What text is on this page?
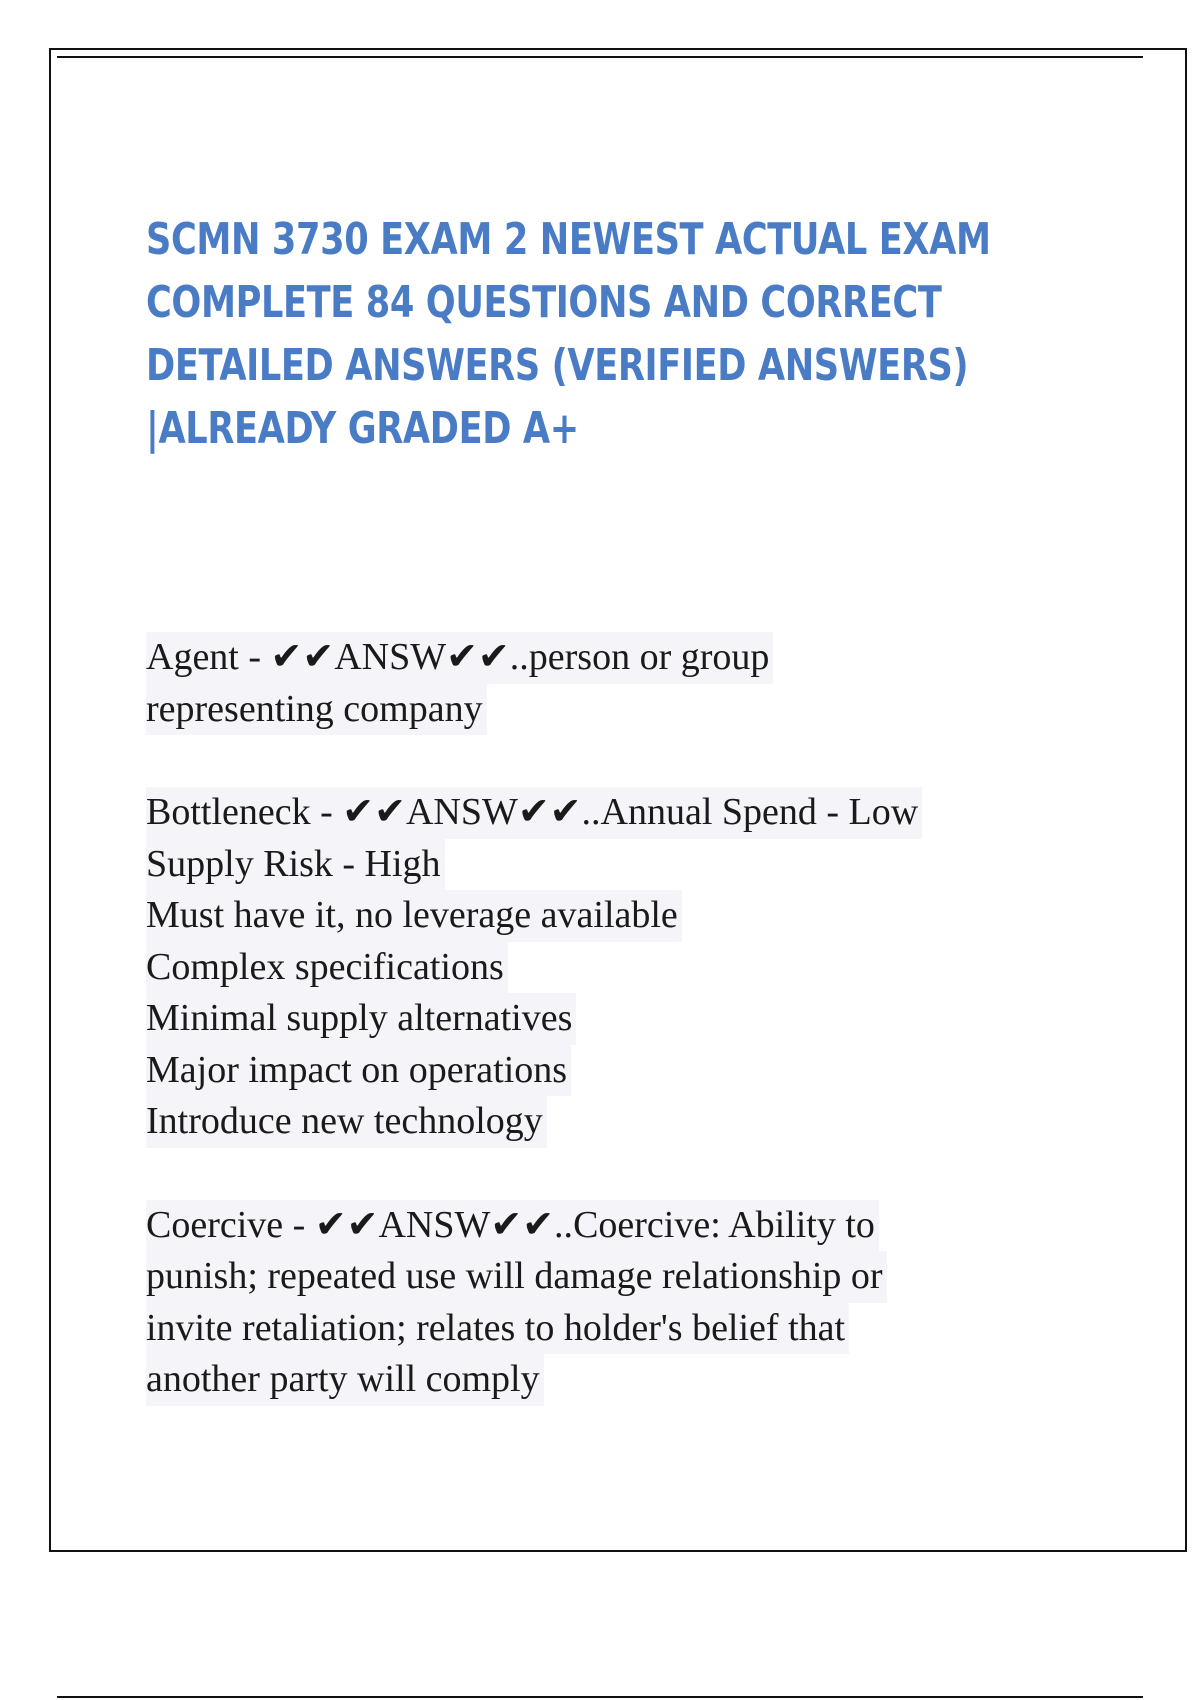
SCMN 3730 EXAM 2 NEWEST ACTUAL EXAM COMPLETE 84 QUESTIONS AND CORRECT DETAILED ANSWERS (VERIFIED ANSWERS) |ALREADY GRADED A+
Agent - ✔✔ANSW✔✔..person or group
representing company
Bottleneck - ✔✔ANSW✔✔..Annual Spend - Low
Supply Risk - High
Must have it, no leverage available
Complex specifications
Minimal supply alternatives
Major impact on operations
Introduce new technology
Coercive - ✔✔ANSW✔✔..Coercive: Ability to
punish; repeated use will damage relationship or
invite retaliation; relates to holder's belief that
another party will comply
